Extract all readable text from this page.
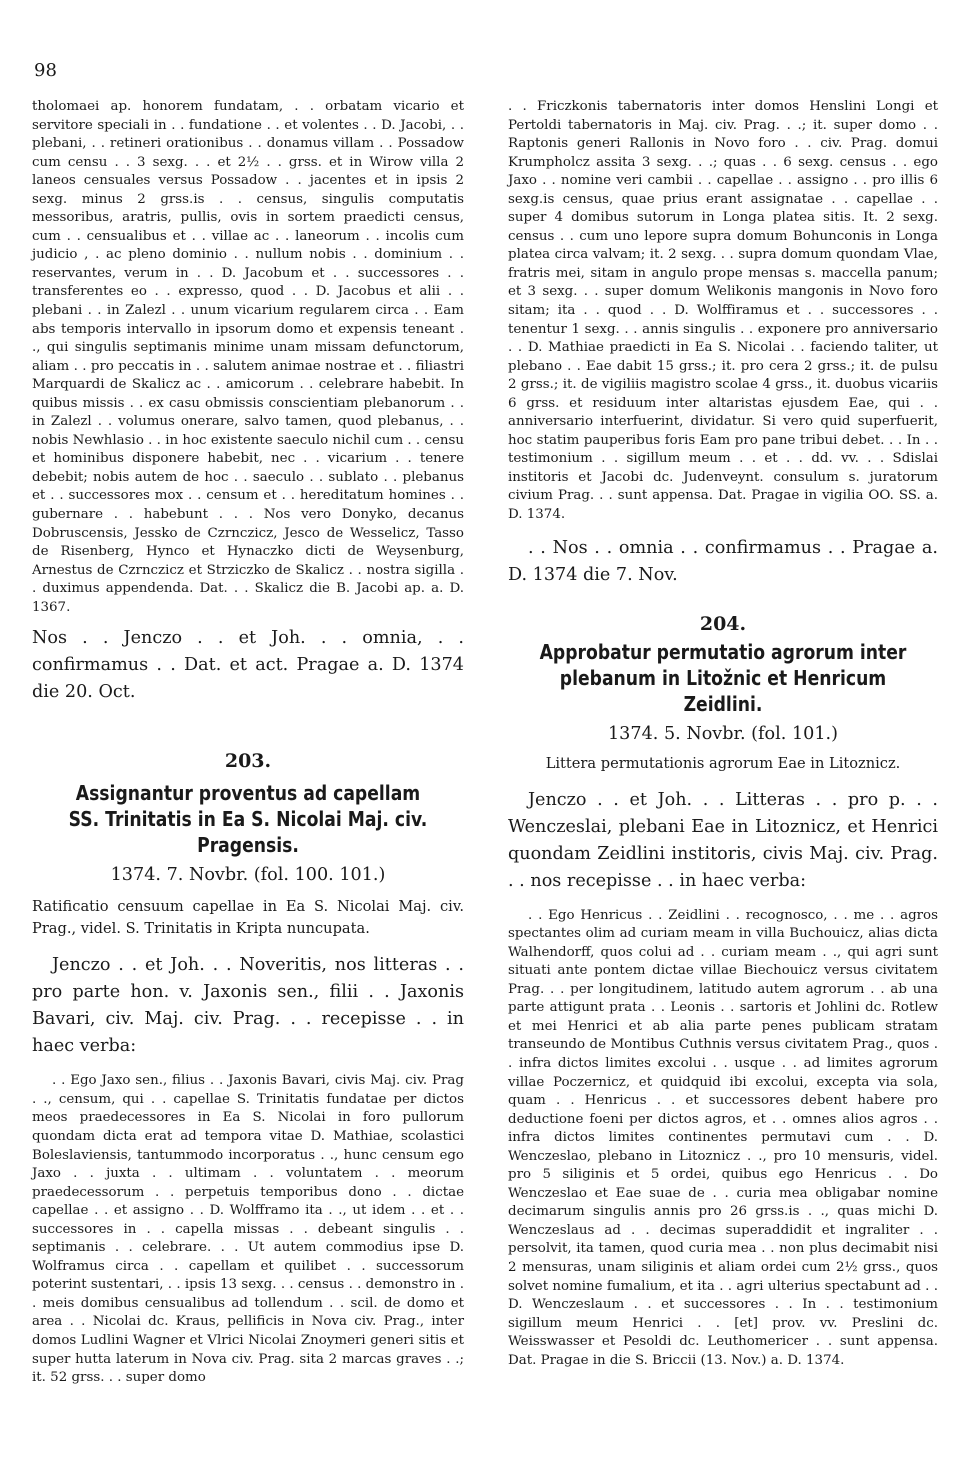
98

tholomaei ap. honorem fundatam, . . orbatam vicario et servitore speciali in . . fundatione . . et volentes . . D. Jacobi, . . plebani, . . retineri orationibus . . donamus villam . . Possadow cum censu . . 3 sexg. . . et 2½ . . grss. et in Wirow villa 2 laneos censuales versus Possadow . . jacentes et in ipsis 2 sexg. minus 2 grss.is . . census, singulis computatis messoribus, aratris, pullis, ovis in sortem praedicti census, cum . . censualibus et . . villae ac . . laneorum . . incolis cum judicio , . ac pleno dominio . . nullum nobis . . dominium . . reservantes, verum in . . D. Jacobum et . . successores . . transferentes eo . . expresso, quod . . D. Jacobus et alii . . plebani . . in Zalezl . . unum vicarium regularem circa . . Eam abs temporis intervallo in ipsorum domo et expensis teneant . ., qui singulis septimanis minime unam missam defunctorum, aliam . . pro peccatis in . . salutem animae nostrae et . . filiastri Marquardi de Skalicz ac . . amicorum . . celebrare habebit. In quibus missis . . ex casu obmissis conscientiam plebanorum . . in Zalezl . . volumus onerare, salvo tamen, quod plebanus, . . nobis Newhlasio . . in hoc existente saeculo nichil cum . . censu et hominibus disponere habebit, nec . . vicarium . . tenere debebit; nobis autem de hoc . . saeculo . . sublato . . plebanus et . . successores mox . . censum et . . hereditatum homines . . gubernare . . habebunt . . . Nos vero Donyko, decanus Dobruscensis, Jessko de Czrnczicz, Jesco de Wesselicz, Tasso de Risenberg, Hynco et Hynaczko dicti de Weysenburg, Arnestus de Czrnczicz et Strziczko de Skalicz . . nostra sigilla . . duximus appendenda. Dat. . . Skalicz die B. Jacobi ap. a. D. 1367.

Nos . . Jenczo . . et Joh. . . omnia, . . confirmamus . . Dat. et act. Pragae a. D. 1374 die 20. Oct.

203.

Assignantur proventus ad capellam SS. Trinitatis in Ea S. Nicolai Maj. civ. Pragensis.

1374. 7. Novbr. (fol. 100. 101.)

Ratificatio censuum capellae in Ea S. Nicolai Maj. civ. Prag., videl. S. Trinitatis in Kripta nuncupata.

Jenczo . . et Joh. . . Noveritis, nos litteras . . pro parte hon. v. Jaxonis sen., filii . . Jaxonis Bavari, civ. Maj. civ. Prag. . . recepisse . . in haec verba:

. . Ego Jaxo sen., filius . . Jaxonis Bavari, civis Maj. civ. Prag . ., censum, qui . . capellae S. Trinitatis fundatae per dictos meos praedecessores in Ea S. Nicolai in foro pullorum quondam dicta erat ad tempora vitae D. Mathiae, scolastici Boleslaviensis, tantummodo incorporatus . ., hunc censum ego Jaxo . . juxta . . ultimam . . voluntatem . . meorum praedecessorum . . perpetuis temporibus dono . . dictae capellae . . et assigno . . D. Wolfframo ita . ., ut idem . . et . . successores in . . capella missas . . debeant singulis . . septimanis . . celebrare. . . Ut autem commodius ipse D. Wolframus circa . . capellam et quilibet . . successorum poterint sustentari, . . ipsis 13 sexg. . . census . . demonstro in . . meis domibus censualibus ad tollendum . . scil. de domo et area . . Nicolai dc. Kraus, pellificis in Nova civ. Prag., inter domos Ludlini Wagner et Vlrici Nicolai Znoymeri generi sitis et super hutta laterum in Nova civ. Prag. sita 2 marcas graves . .; it. 52 grss. . . super domo

. . Friczkonis tabernatoris inter domos Henslini Longi et Pertoldi tabernatoris in Maj. civ. Prag. . .; it. super domo . . Raptonis generi Rallonis in Novo foro . . civ. Prag. domui Krumpholcz assita 3 sexg. . .; quas . . 6 sexg. census . . ego Jaxo . . nomine veri cambii . . capellae . . assigno . . pro illis 6 sexg.is census, quae prius erant assignatae . . capellae . . super 4 domibus sutorum in Longa platea sitis. It. 2 sexg. census . . cum uno lepore supra domum Bohunconis in Longa platea circa valvam; it. 2 sexg. . . supra domum quondam Vlae, fratris mei, sitam in angulo prope mensas s. maccella panum; et 3 sexg. . . super domum Welikonis mangonis in Novo foro sitam; ita . . quod . . D. Wolffiramus et . . successores . . tenentur 1 sexg. . . annis singulis . . exponere pro anniversario . . D. Mathiae praedicti in Ea S. Nicolai . . faciendo taliter, ut plebano . . Eae dabit 15 grss.; it. pro cera 2 grss.; it. de pulsu 2 grss.; it. de vigiliis magistro scolae 4 grss., it. duobus vicariis 6 grss. et residuum inter altaristas ejusdem Eae, qui . . anniversario interfuerint, dividatur. Si vero quid superfuerit, hoc statim pauperibus foris Eam pro pane tribui debet. . . In . . testimonium . . sigillum meum . . et . . dd. vv. . . Sdislai institoris et Jacobi dc. Judenveynt. consulum s. juratorum civium Prag. . . sunt appensa. Dat. Pragae in vigilia OO. SS. a. D. 1374.

. . Nos . . omnia . . confirmamus . . Pragae a. D. 1374 die 7. Nov.

204.

Approbatur permutatio agrorum inter plebanum in Litožnic et Henricum Zeidlini.

1374. 5. Novbr. (fol. 101.)

Littera permutationis agrorum Eae in Litoznicz.

Jenczo . . et Joh. . . Litteras . . pro p. . . Wenczeslai, plebani Eae in Litoznicz, et Henrici quondam Zeidlini institoris, civis Maj. civ. Prag. . . nos recepisse . . in haec verba:

. . Ego Henricus . . Zeidlini . . recognosco, . . me . . agros spectantes olim ad curiam meam in villa Buchouicz, alias dicta Walhendorff, quos colui ad . . curiam meam . ., qui agri sunt situati ante pontem dictae villae Biechouicz versus civitatem Prag. . . per longitudinem, latitudo autem agrorum . . ab una parte attigunt prata . . Leonis . . sartoris et Johlini dc. Rotlew et mei Henrici et ab alia parte penes publicam stratam transeundo de Montibus Cuthnis versus civitatem Prag., quos . . infra dictos limites excolui . . usque . . ad limites agrorum villae Poczernicz, et quidquid ibi excolui, excepta via sola, quam . . Henricus . . et successores debent habere pro deductione foeni per dictos agros, et . . omnes alios agros . . infra dictos limites continentes permutavi cum . . D. Wenczeslao, plebano in Litoznicz . ., pro 10 mensuris, videl. pro 5 siliginis et 5 ordei, quibus ego Henricus . . Do Wenczeslao et Eae suae de . . curia mea obligabar nomine decimarum singulis annis pro 26 grss.is . ., quas michi D. Wenczeslaus ad . . decimas superaddidit et ingraliter . . persolvit, ita tamen, quod curia mea . . non plus decimabit nisi 2 mensuras, unam siliginis et aliam ordei cum 2½ grss., quos solvet nomine fumalium, et ita . . agri ulterius spectabunt ad . . D. Wenczeslaum . . et successores . . In . . testimonium sigillum meum Henrici . . [et] prov. vv. Preslini dc. Weisswasser et Pesoldi dc. Leuthomericer . . sunt appensa. Dat. Pragae in die S. Briccii (13. Nov.) a. D. 1374.
